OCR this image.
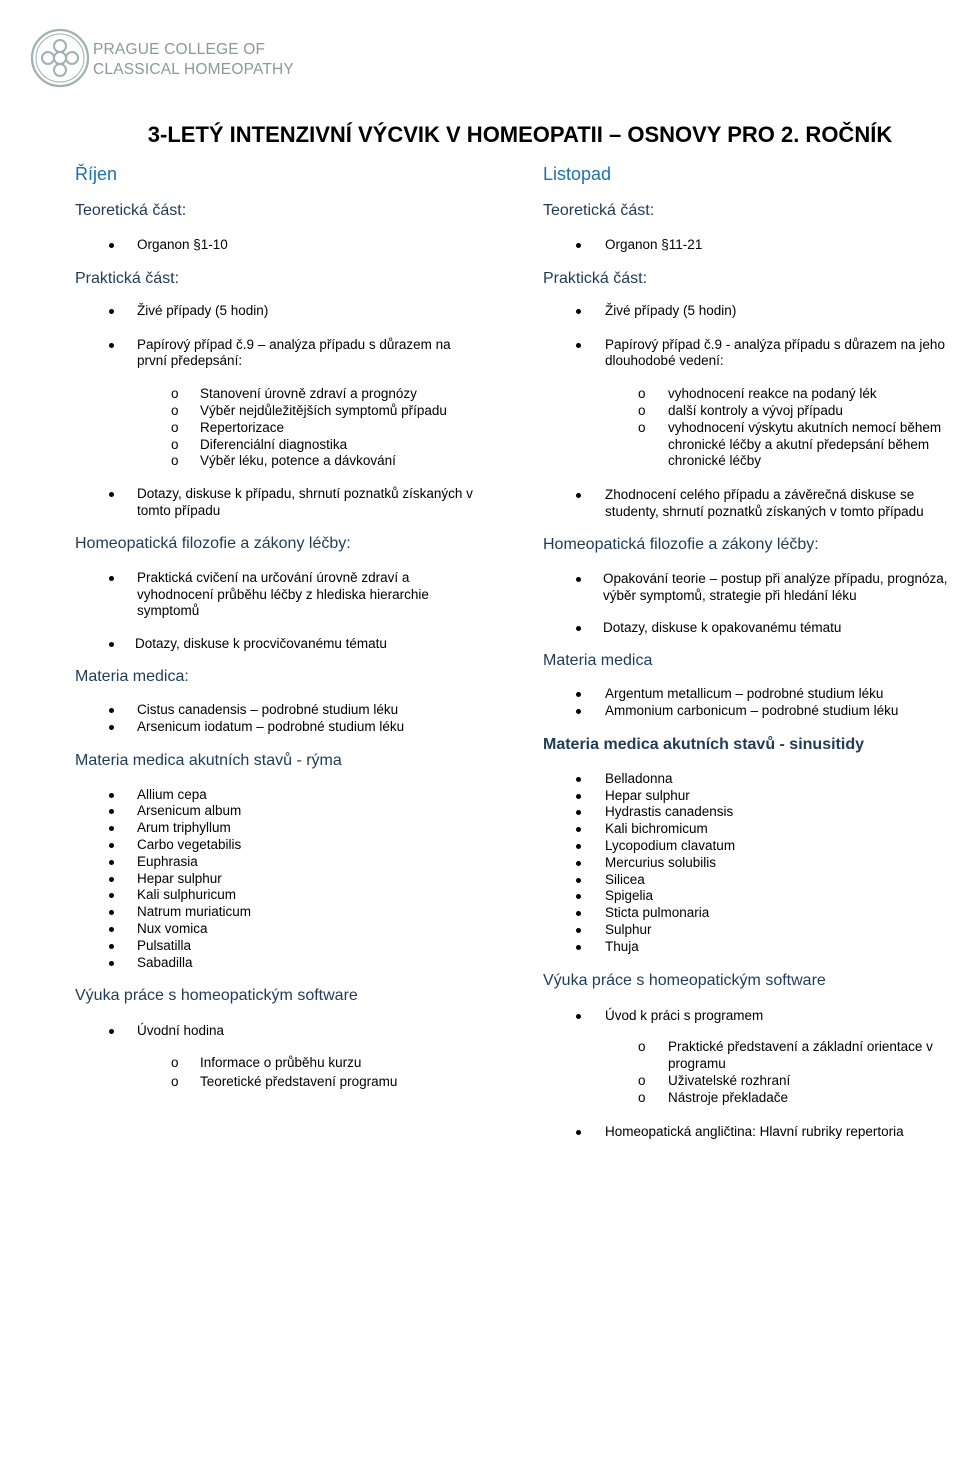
PRAGUE COLLEGE OF
CLASSICAL HOMEOPATHY
3-LETÝ INTENZIVNÍ VÝCVIK V HOMEOPATII – OSNOVY PRO 2. ROČNÍK
Říjen
Teoretická část:
Organon §1-10
Praktická část:
Živé případy (5 hodin)
Papírový případ č.9 – analýza případu s důrazem na první předepsání:
o Stanovení úrovně zdraví a prognózy
o Výběr nejdůležitějších symptomů případu
o Repertorizace
o Diferenciální diagnostika
o Výběr léku, potence a dávkování
Dotazy, diskuse k případu, shrnutí poznatků získaných v tomto případu
Homeopatická filozofie a zákony léčby:
Praktická cvičení na určování úrovně zdraví a vyhodnocení průběhu léčby z hlediska hierarchie symptomů
Dotazy, diskuse k procvičovanému tématu
Materia medica:
Cistus canadensis – podrobné studium léku
Arsenicum iodatum – podrobné studium léku
Materia medica akutních stavů - rýma
Allium cepa
Arsenicum album
Arum triphyllum
Carbo vegetabilis
Euphrasia
Hepar sulphur
Kali sulphuricum
Natrum muriaticum
Nux vomica
Pulsatilla
Sabadilla
Výuka práce s homeopatickým software
Úvodní hodina
o Informace o průběhu kurzu
o Teoretické představení programu
Listopad
Teoretická část:
Organon §11-21
Praktická část:
Živé případy (5 hodin)
Papírový případ č.9 - analýza případu s důrazem na jeho dlouhodobé vedení:
o vyhodnocení reakce na podaný lék
o další kontroly a vývoj případu
o vyhodnocení výskytu akutních nemocí během chronické léčby a akutní předepsání během chronické léčby
Zhodnocení celého případu a závěrečná diskuse se studenty, shrnutí poznatků získaných v tomto případu
Homeopatická filozofie a zákony léčby:
Opakování teorie – postup při analýze případu, prognóza, výběr symptomů, strategie při hledání léku
Dotazy, diskuse k opakovanému tématu
Materia medica
Argentum metallicum – podrobné studium léku
Ammonium carbonicum – podrobné studium léku
Materia medica akutních stavů - sinusitidy
Belladonna
Hepar sulphur
Hydrastis canadensis
Kali bichromicum
Lycopodium clavatum
Mercurius solubilis
Silicea
Spigelia
Sticta pulmonaria
Sulphur
Thuja
Výuka práce s homeopatickým software
Úvod k práci s programem
o Praktické představení a základní orientace v programu
o Uživatelské rozhraní
o Nástroje překladače
Homeopatická angličtina: Hlavní rubriky repertoria
